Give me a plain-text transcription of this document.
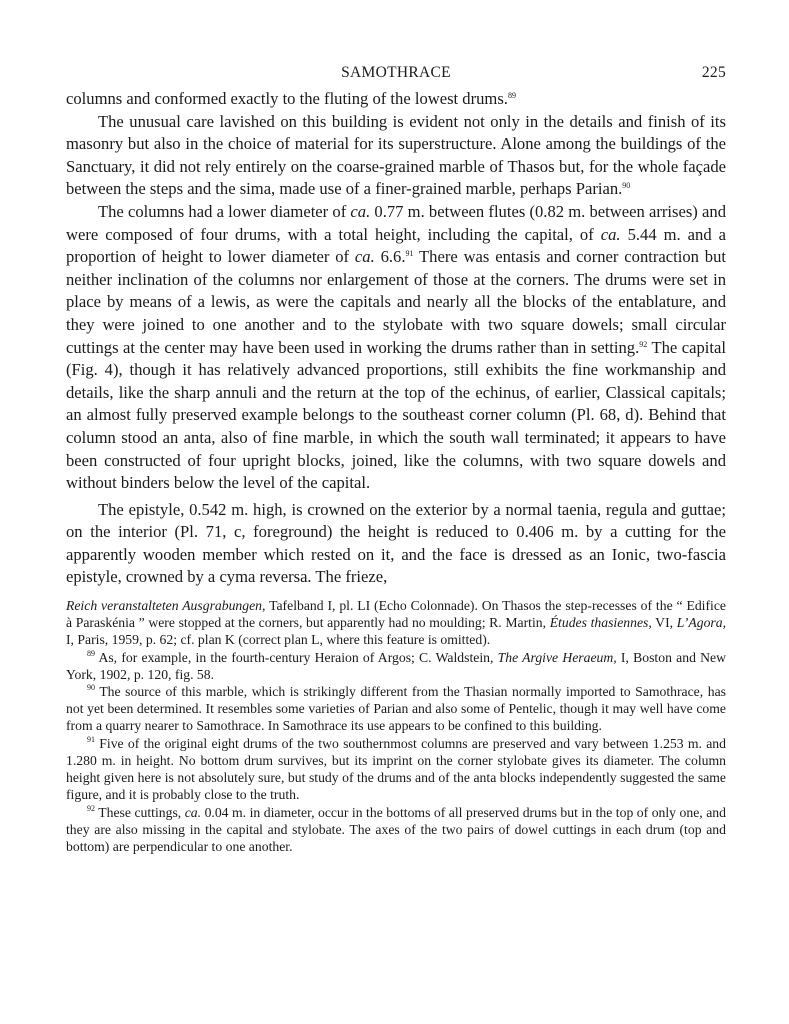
SAMOTHRACE	225

columns and conformed exactly to the fluting of the lowest drums.$^{89}$

The unusual care lavished on this building is evident not only in the details and finish of its masonry but also in the choice of material for its superstructure. Alone among the buildings of the Sanctuary, it did not rely entirely on the coarse-grained marble of Thasos but, for the whole façade between the steps and the sima, made use of a finer-grained marble, perhaps Parian.$^{90}$

The columns had a lower diameter of ca. 0.77 m. between flutes (0.82 m. between arrises) and were composed of four drums, with a total height, including the capital, of ca. 5.44 m. and a proportion of height to lower diameter of ca. 6.6.91 There was entasis and corner contraction but neither inclination of the columns nor enlargement of those at the corners. The drums were set in place by means of a lewis, as were the capitals and nearly all the blocks of the entablature, and they were joined to one another and to the stylobate with two square dowels; small circular cuttings at the center may have been used in working the drums rather than in setting.$^{92}$ The capital (Fig. 4), though it has relatively advanced proportions, still exhibits the fine workmanship and details, like the sharp annuli and the return at the top of the echinus, of earlier, Classical capitals; an almost fully preserved example belongs to the southeast corner column (Pl. 68, d). Behind that column stood an anta, also of fine marble, in which the south wall terminated; it appears to have been constructed of four upright blocks, joined, like the columns, with two square dowels and without binders below the level of the capital.

The epistyle, 0.542 m. high, is crowned on the exterior by a normal taenia, regula and guttae; on the interior (Pl. 71, c, foreground) the height is reduced to 0.406 m. by a cutting for the apparently wooden member which rested on it, and the face is dressed as an Ionic, two-fascia epistyle, crowned by a cyma reversa. The frieze,

Reich veranstalteten Ausgrabungen, Tafelband I, pl. LI (Echo Colonnade). On Thasos the step-recesses of the “ Edifice à Paraskénia ” were stopped at the corners, but apparently had no moulding; R. Martin, Études thasiennes, VI, L’Agora, I, Paris, 1959, p. 62; cf. plan K (correct plan L, where this feature is omitted).

$^{89}$ As, for example, in the fourth-century Heraion of Argos; C. Waldstein, The Argive Heraeum, I, Boston and New York, 1902, p. 120, fig. 58.

$^{90}$ The source of this marble, which is strikingly different from the Thasian normally imported to Samothrace, has not yet been determined. It resembles some varieties of Parian and also some of Pentelic, though it may well have come from a quarry nearer to Samothrace. In Samothrace its use appears to be confined to this building.

$^{91}$ Five of the original eight drums of the two southernmost columns are preserved and vary between 1.253 m. and 1.280 m. in height. No bottom drum survives, but its imprint on the corner stylobate gives its diameter. The column height given here is not absolutely sure, but study of the drums and of the anta blocks independently suggested the same figure, and it is probably close to the truth.

$^{92}$ These cuttings, ca. 0.04 m. in diameter, occur in the bottoms of all preserved drums but in the top of only one, and they are also missing in the capital and stylobate. The axes of the two pairs of dowel cuttings in each drum (top and bottom) are perpendicular to one another.
